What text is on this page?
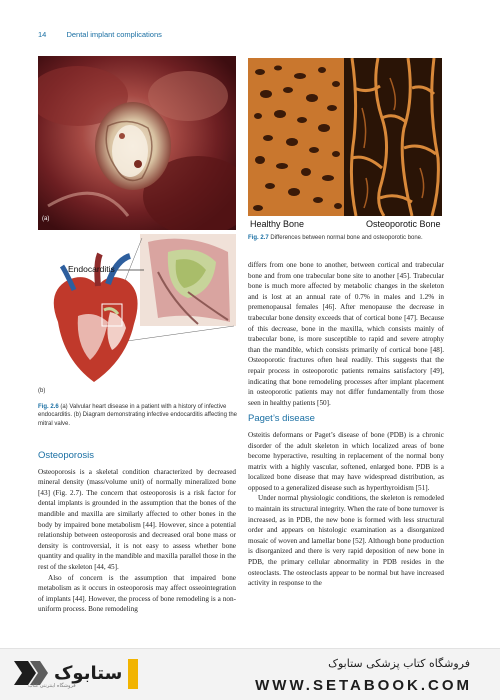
14	Dental implant complications
(a)
Endocarditis
(b)
Fig. 2.6 (a) Valvular heart disease in a patient with a history of infective endocarditis. (b) Diagram demonstrating infective endocarditis affecting the mitral valve.
Healthy Bone	Osteoporotic Bone
Fig. 2.7 Differences between normal bone and osteoporotic bone.
Osteoporosis

Osteoporosis is a skeletal condition characterized by decreased mineral density (mass/volume unit) of normally mineralized bone [43] (Fig. 2.7). The concern that osteoporosis is a risk factor for dental implants is grounded in the assumption that the bones of the mandible and maxilla are similarly affected to other bones in the body by impaired bone metabolism [44]. However, since a potential relationship between osteoporosis and decreased oral bone mass or density is controversial, it is not easy to assess whether bone quantity and quality in the mandible and maxilla parallel those in the rest of the skeleton [44, 45].

Also of concern is the assumption that impaired bone metabolism as it occurs in osteoporosis may affect osseointegration of implants [44]. However, the process of bone remodeling is a non-uniform process. Bone remodeling

differs from one bone to another, between cortical and trabecular bone and from one trabecular bone site to another [45]. Trabecular bone is much more affected by metabolic changes in the skeleton and is lost at an annual rate of 0.7% in males and 1.2% in premenopausal females [46]. After menopause the decrease in trabecular bone density exceeds that of cortical bone [47]. Because of this decrease, bone in the maxilla, which consists mainly of trabecular bone, is more susceptible to rapid and severe atrophy than the mandible, which consists primarily of cortical bone [48]. Osteoporotic fractures often heal readily. This suggests that the repair process in osteoporotic patients remains satisfactory [49], indicating that bone remodeling processes after implant placement in osteoporotic patients may not differ fundamentally from those seen in healthy patients [50].

Paget’s disease

Osteitis deformans or Paget’s disease of bone (PDB) is a chronic disorder of the adult skeleton in which localized areas of bone become hyperactive, resulting in replacement of the normal bony matrix with a highly vascular, softened, enlarged bone. PDB is a localized bone disease that may have widespread distribution, as opposed to a generalized disease such as hyperthyroidism [51].

Under normal physiologic conditions, the skeleton is remodeled to maintain its structural integrity. When the rate of bone turnover is increased, as in PDB, the new bone is formed with less structural order and appears on histologic examination as a disorganized mosaic of woven and lamellar bone [52]. Although bone production is disorganized and there is very rapid deposition of new bone in PDB, the primary cellular abnormality in PDB resides in the osteoclasts. The osteoclasts appear to be normal but have increased activity in response to the

ستابوک
فروشگاه اینترنتی کتاب
فروشگاه کتاب پزشکی ستابوک
WWW.SETABOOK.COM
